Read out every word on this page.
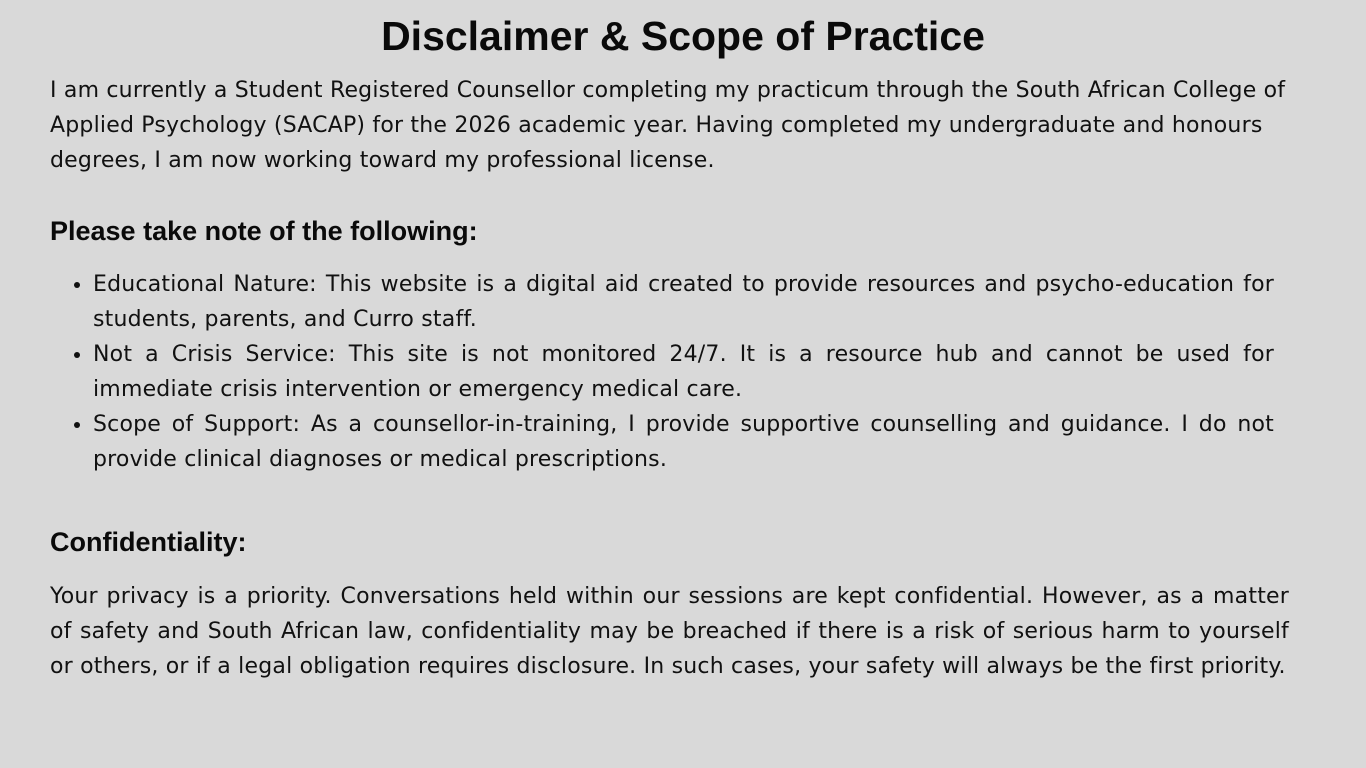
Disclaimer & Scope of Practice

I am currently a Student Registered Counsellor completing my practicum through the South African College of Applied Psychology (SACAP) for the 2026 academic year. Having completed my undergraduate and honours degrees, I am now working toward my professional license.

Please take note of the following:
• Educational Nature: This website is a digital aid created to provide resources and psycho-education for students, parents, and Curro staff.
• Not a Crisis Service: This site is not monitored 24/7. It is a resource hub and cannot be used for immediate crisis intervention or emergency medical care.
• Scope of Support: As a counsellor-in-training, I provide supportive counselling and guidance. I do not provide clinical diagnoses or medical prescriptions.
Confidentiality:

Your privacy is a priority. Conversations held within our sessions are kept confidential. However, as a matter of safety and South African law, confidentiality may be breached if there is a risk of serious harm to yourself or others, or if a legal obligation requires disclosure. In such cases, your safety will always be the first priority.
